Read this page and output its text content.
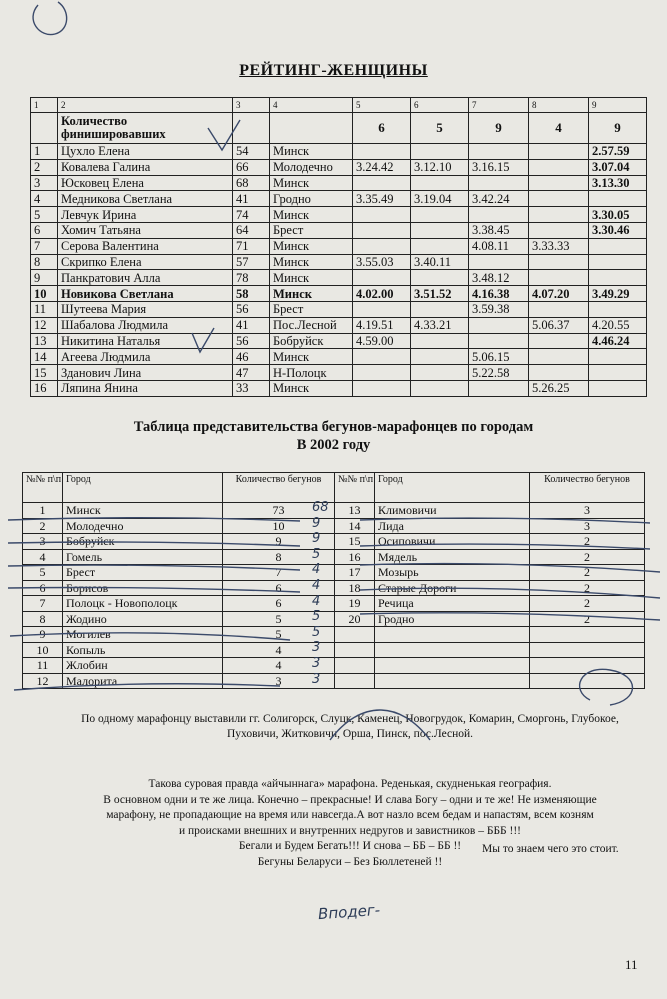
РЕЙТИНГ-ЖЕНЩИНЫ
1	2	3	4	5	6	7	8	9
	Количество финишировавших			6	5	9	4	9
1	Цухло Елена	54	Минск					2.57.59
2	Ковалева Галина	66	Молодечно	3.24.42	3.12.10	3.16.15		3.07.04
3	Юсковец Елена	68	Минск					3.13.30
4	Медникова Светлана	41	Гродно	3.35.49	3.19.04	3.42.24		
5	Левчук Ирина	74	Минск					3.30.05
6	Хомич Татьяна	64	Брест			3.38.45		3.30.46
7	Серова Валентина	71	Минск			4.08.11	3.33.33	
8	Скрипко Елена	57	Минск	3.55.03	3.40.11			
9	Панкратович Алла	78	Минск			3.48.12		
10	Новикова Светлана	58	Минск	4.02.00	3.51.52	4.16.38	4.07.20	3.49.29
11	Шутеева Мария	56	Брест			3.59.38		
12	Шабалова Людмила	41	Пос.Лесной	4.19.51	4.33.21		5.06.37	4.20.55
13	Никитина Наталья	56	Бобруйск	4.59.00				4.46.24
14	Агеева Людмила	46	Минск			5.06.15		
15	Зданович Лина	47	Н-Полоцк			5.22.58		
16	Ляпина Янина	33	Минск				5.26.25	
Таблица представительства бегунов-марафонцев по городам
В 2002 году
№№ п\п	Город	Количество бегунов	№№ п\п	Город	Количество бегунов
1	Минск	73	13	Климовичи	3
2	Молодечно	10	14	Лида	3
3	Бобруйск	9	15	Осиповичи	2
4	Гомель	8	16	Мядель	2
5	Брест	7	17	Мозырь	2
6	Борисов	6	18	Старые Дороги	2
7	Полоцк - Новополоцк	6	19	Речица	2
8	Жодино	5	20	Гродно	2
9	Могилев	5			
10	Копыль	4			
11	Жлобин	4			
12	Малорита	3			
По одному марафонцу выставили гг. Солигорск, Слуцк, Каменец, Новогрудок, Комарин, Сморгонь, Глубокое, Пуховичи, Житковичи, Орша, Пинск, пос.Лесной.
Такова суровая правда «айчыннага» марафона. Реденькая, скудненькая география.
В основном одни и те же лица. Конечно – прекрасные! И слава Богу – одни и те же! Не изменяющие
марафону, не пропадающие на время или навсегда.А вот назло всем бедам и напастям, всем козням
и происками внешних и внутренних недругов и завистников – БББ !!!
Бегали и Будем Бегать!!! И снова – ББ – ББ !!
Бегуны Беларуси – Без Бюллетеней !!
Мы то знаем чего это стоит.
11
Вподег-
68
9
9
5
4
4
4
5
5
3
3
3
